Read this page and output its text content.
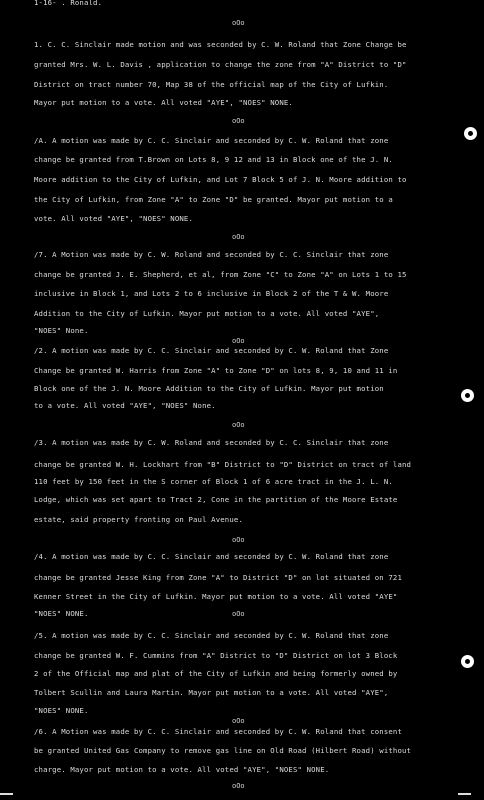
1-16- . Ronald.
oOo
1. C. C. Sinclair made motion and was seconded by C. W. Roland that Zone Change be
granted Mrs. W. L. Davis , application to change the zone from "A" District to "D"
District on tract number 70, Map 38 of the official map of the City of Lufkin.
Mayor put motion to a vote. All voted "AYE", "NOES" NONE.
oOo
/A. A motion was made by C. C. Sinclair and seconded by C. W. Roland that zone
change be granted from T.Brown on Lots 8, 9 12 and 13 in Block one of the J. N.
Moore addition to the City of Lufkin, and Lot 7 Block 5 of J. N. Moore addition to
the City of Lufkin, from Zone "A" to Zone "D" be granted. Mayor put motion to a
vote. All voted "AYE", "NOES" NONE.
oOo
/7. A Motion was made by C. W. Roland and seconded by C. C. Sinclair that zone
change be granted J. E. Shepherd, et al, from Zone "C" to Zone "A" on Lots 1 to 15
inclusive in Block 1, and Lots 2 to 6 inclusive in Block 2 of the T & W. Moore
Addition to the City of Lufkin. Mayor put motion to a vote. All voted "AYE",
"NOES" None.
oOo
/2. A motion was made by C. C. Sinclair and seconded by C. W. Roland that Zone
Change be granted W. Harris from Zone "A" to Zone "D" on lots 8, 9, 10 and 11 in
Block one of the J. N. Moore Addition to the City of Lufkin. Mayor put motion
to a vote. All voted "AYE", "NOES" None.
oOo
/3. A motion was made by C. W. Roland and seconded by C. C. Sinclair that zone
change be granted W. H. Lockhart from "B" District to "D" District on tract of land
110 feet by 150 feet in the S corner of Block 1 of 6 acre tract in the J. L. N.
Lodge, which was set apart to Tract 2, Cone in the partition of the Moore Estate
estate, said property fronting on Paul Avenue.
oOo
/4. A motion was made by C. C. Sinclair and seconded by C. W. Roland that zone
change be granted Jesse King from Zone "A" to District "D" on lot situated on 721
Kenner Street in the City of Lufkin. Mayor put motion to a vote. All voted "AYE"
"NOES" NONE.	oOo
/5. A motion was made by C. C. Sinclair and seconded by C. W. Roland that zone
change be granted W. F. Cummins from "A" District to "D" District on lot 3 Block
2 of the Official map and plat of the City of Lufkin and being formerly owned by
Tolbert Scullin and Laura Martin. Mayor put motion to a vote. All voted "AYE",
"NOES" NONE.
oOo
/6. A Motion was made by C. C. Sinclair and seconded by C. W. Roland that consent
be granted United Gas Company to remove gas line on Old Road (Hilbert Road) without
charge. Mayor put motion to a vote. All voted "AYE", "NOES" NONE.
oOo
